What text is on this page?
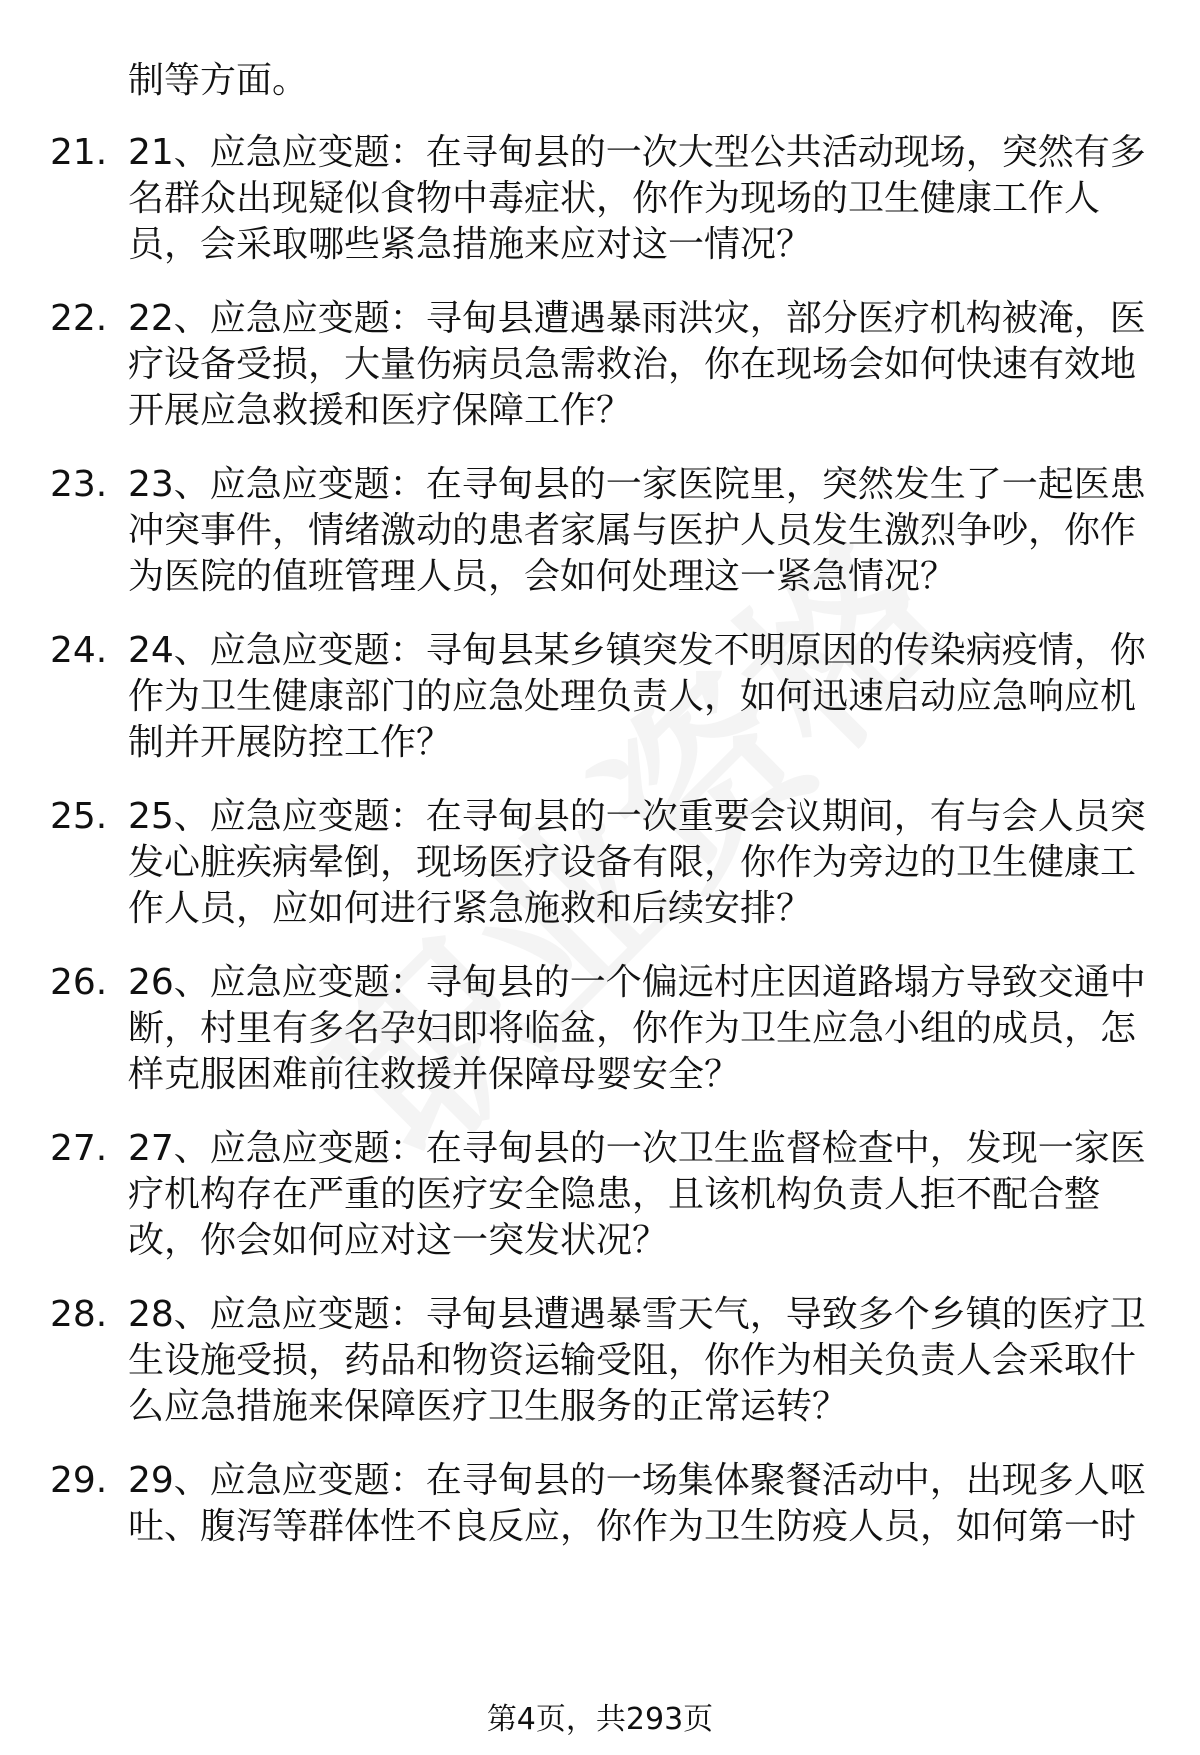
制等方面。

21. 21、应急应变题：在寻甸县的一次大型公共活动现场，突然有多名群众出现疑似食物中毒症状，你作为现场的卫生健康工作人员，会采取哪些紧急措施来应对这一情况？

22. 22、应急应变题：寻甸县遭遇暴雨洪灾，部分医疗机构被淹，医疗设备受损，大量伤病员急需救治，你在现场会如何快速有效地开展应急救援和医疗保障工作？

23. 23、应急应变题：在寻甸县的一家医院里，突然发生了一起医患冲突事件，情绪激动的患者家属与医护人员发生激烈争吵，你作为医院的值班管理人员，会如何处理这一紧急情况？

24. 24、应急应变题：寻甸县某乡镇突发不明原因的传染病疫情，你作为卫生健康部门的应急处理负责人，如何迅速启动应急响应机制并开展防控工作？

25. 25、应急应变题：在寻甸县的一次重要会议期间，有与会人员突发心脏疾病晕倒，现场医疗设备有限，你作为旁边的卫生健康工作人员，应如何进行紧急施救和后续安排？

26. 26、应急应变题：寻甸县的一个偏远村庄因道路塌方导致交通中断，村里有多名孕妇即将临盆，你作为卫生应急小组的成员，怎样克服困难前往救援并保障母婴安全？

27. 27、应急应变题：在寻甸县的一次卫生监督检查中，发现一家医疗机构存在严重的医疗安全隐患，且该机构负责人拒不配合整改，你会如何应对这一突发状况？

28. 28、应急应变题：寻甸县遭遇暴雪天气，导致多个乡镇的医疗卫生设施受损，药品和物资运输受阻，你作为相关负责人会采取什么应急措施来保障医疗卫生服务的正常运转？

29. 29、应急应变题：在寻甸县的一场集体聚餐活动中，出现多人呕吐、腹泻等群体性不良反应，你作为卫生防疫人员，如何第一时

第4页，共293页
